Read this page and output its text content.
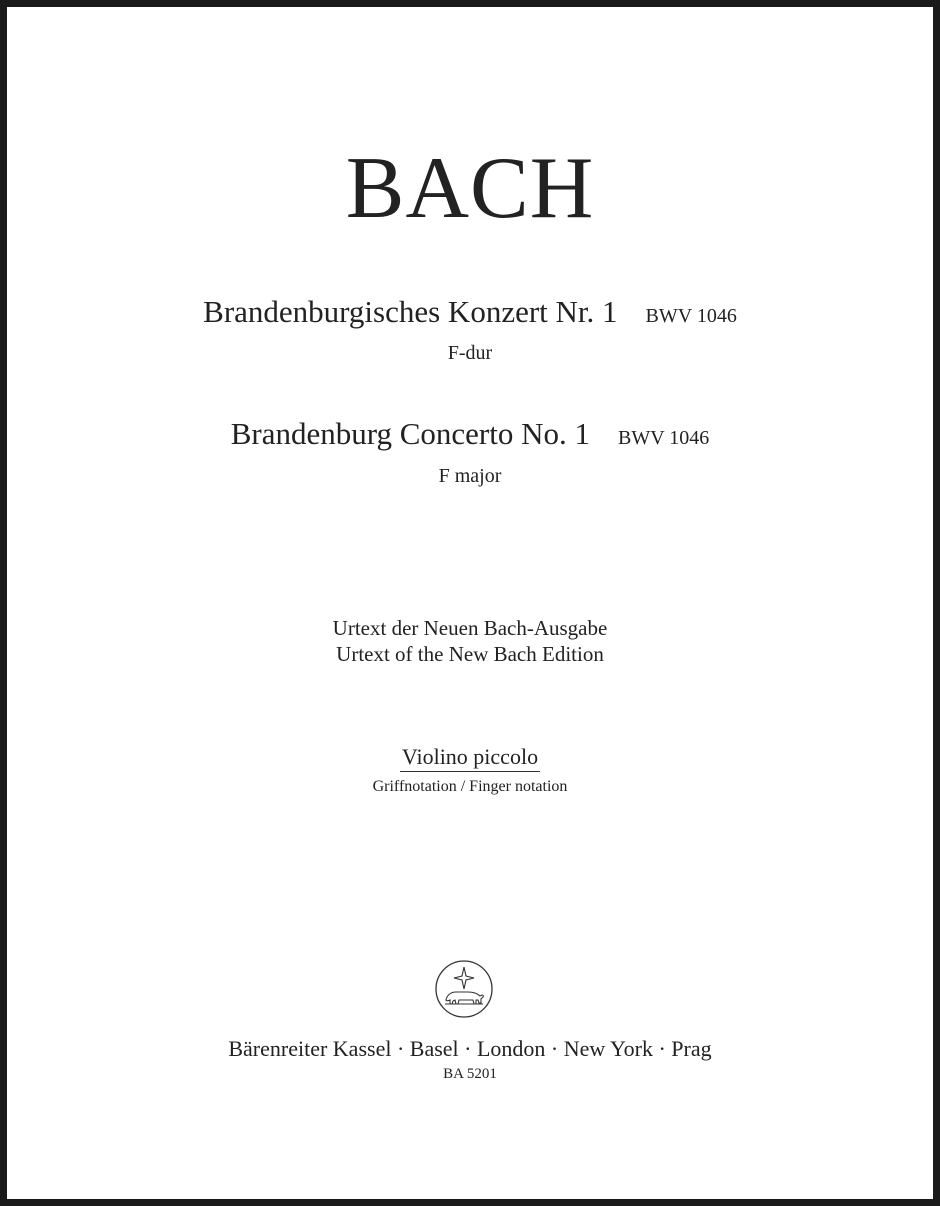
BACH
Brandenburgisches Konzert Nr. 1 BWV 1046
F-dur
Brandenburg Concerto No. 1 BWV 1046
F major
Urtext der Neuen Bach-Ausgabe
Urtext of the New Bach Edition
Violino piccolo
Griffnotation / Finger notation
Bärenreiter Kassel · Basel · London · New York · Prag
BA 5201
